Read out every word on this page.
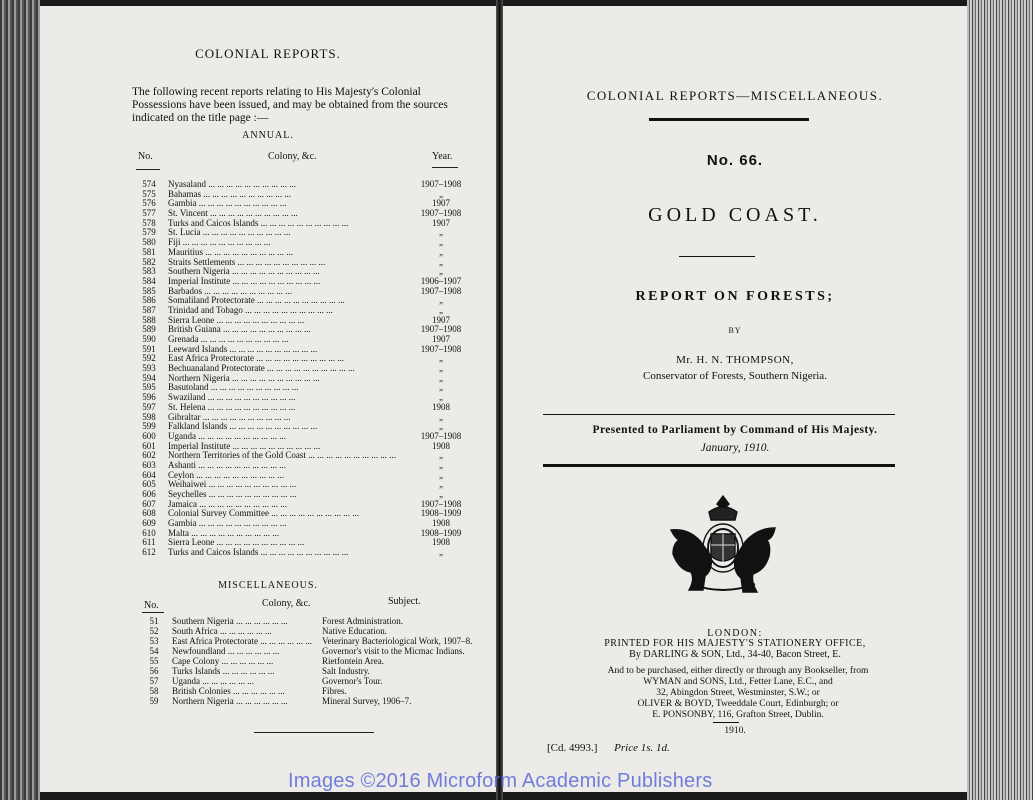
COLONIAL REPORTS.
The following recent reports relating to His Majesty's Colonial Possessions have been issued, and may be obtained from the sources indicated on the title page :—
ANNUAL.
No.	Colony, &c.	Year.
574	Nyasaland ... .	1907–1908
575	Bahamas ... .	„
576	Gambia ... .	1907
577	St. Vincent ... .	1907–1908
578	Turks and Caicos Islands ... .	1907
579	St. Lucia ... .	„
580	Fiji ... .	„
581	Mauritius ... .	„
582	Straits Settlements ... .	„
583	Southern Nigeria ... .	„
584	Imperial Institute ... .	1906–1907
585	Barbados ... .	1907–1908
586	Somaliland Protectorate ... .	„
587	Trinidad and Tobago ... .	„
588	Sierra Leone ... .	1907
589	British Guiana ... .	1907–1908
590	Grenada ... .	1907
591	Leeward Islands ... .	1907–1908
592	East Africa Protectorate ... .	„
593	Bechuanaland Protectorate ... .	„
594	Northern Nigeria ... .	„
595	Basutoland ... .	„
596	Swaziland ... .	„
597	St. Helena ... .	1908
598	Gibraltar ... .	„
599	Falkland Islands ... .	„
600	Uganda ... .	1907–1908
601	Imperial Institute ... .	1908
602	Northern Territories of the Gold Coast ... .	„
603	Ashanti ... .	„
604	Ceylon ... .	„
605	Weihaiwei ... .	„
606	Seychelles ... .	„
607	Jamaica ... .	1907–1908
608	Colonial Survey Committee ... .	1908–1909
609	Gambia ... .	1908
610	Malta ... .	1908–1909
611	Sierra Leone ... .	1908
612	Turks and Caicos Islands ... .	„
MISCELLANEOUS.
No.	Colony, &c.	Subject.
51	Southern Nigeria ... .	Forest Administration.
52	South Africa ... .	Native Education.
53	East Africa Protectorate ... .	Veterinary Bacteriological Work, 1907–8.
54	Newfoundland ... .	Governor's visit to the Micmac Indians.
55	Cape Colony ... .	Rietfontein Area.
56	Turks Islands ... .	Salt Industry.
57	Uganda ... .	Governor's Tour.
58	British Colonies ... .	Fibres.
59	Northern Nigeria ... .	Mineral Survey, 1906–7.
COLONIAL REPORTS—MISCELLANEOUS.
No. 66.
GOLD COAST.
REPORT ON FORESTS;
BY
Mr. H. N. THOMPSON,
Conservator of Forests, Southern Nigeria.
Presented to Parliament by Command of His Majesty.
January, 1910.
LONDON:
PRINTED FOR HIS MAJESTY'S STATIONERY OFFICE,
By DARLING & SON, Ltd., 34-40, Bacon Street, E.
And to be purchased, either directly or through any Bookseller, from
WYMAN and SONS, Ltd., Fetter Lane, E.C., and
32, Abingdon Street, Westminster, S.W.; or
OLIVER & BOYD, Tweeddale Court, Edinburgh; or
E. PONSONBY, 116, Grafton Street, Dublin.
1910.
[Cd. 4993.] Price 1s. 1d.
Images ©2016 Microform Academic Publishers
